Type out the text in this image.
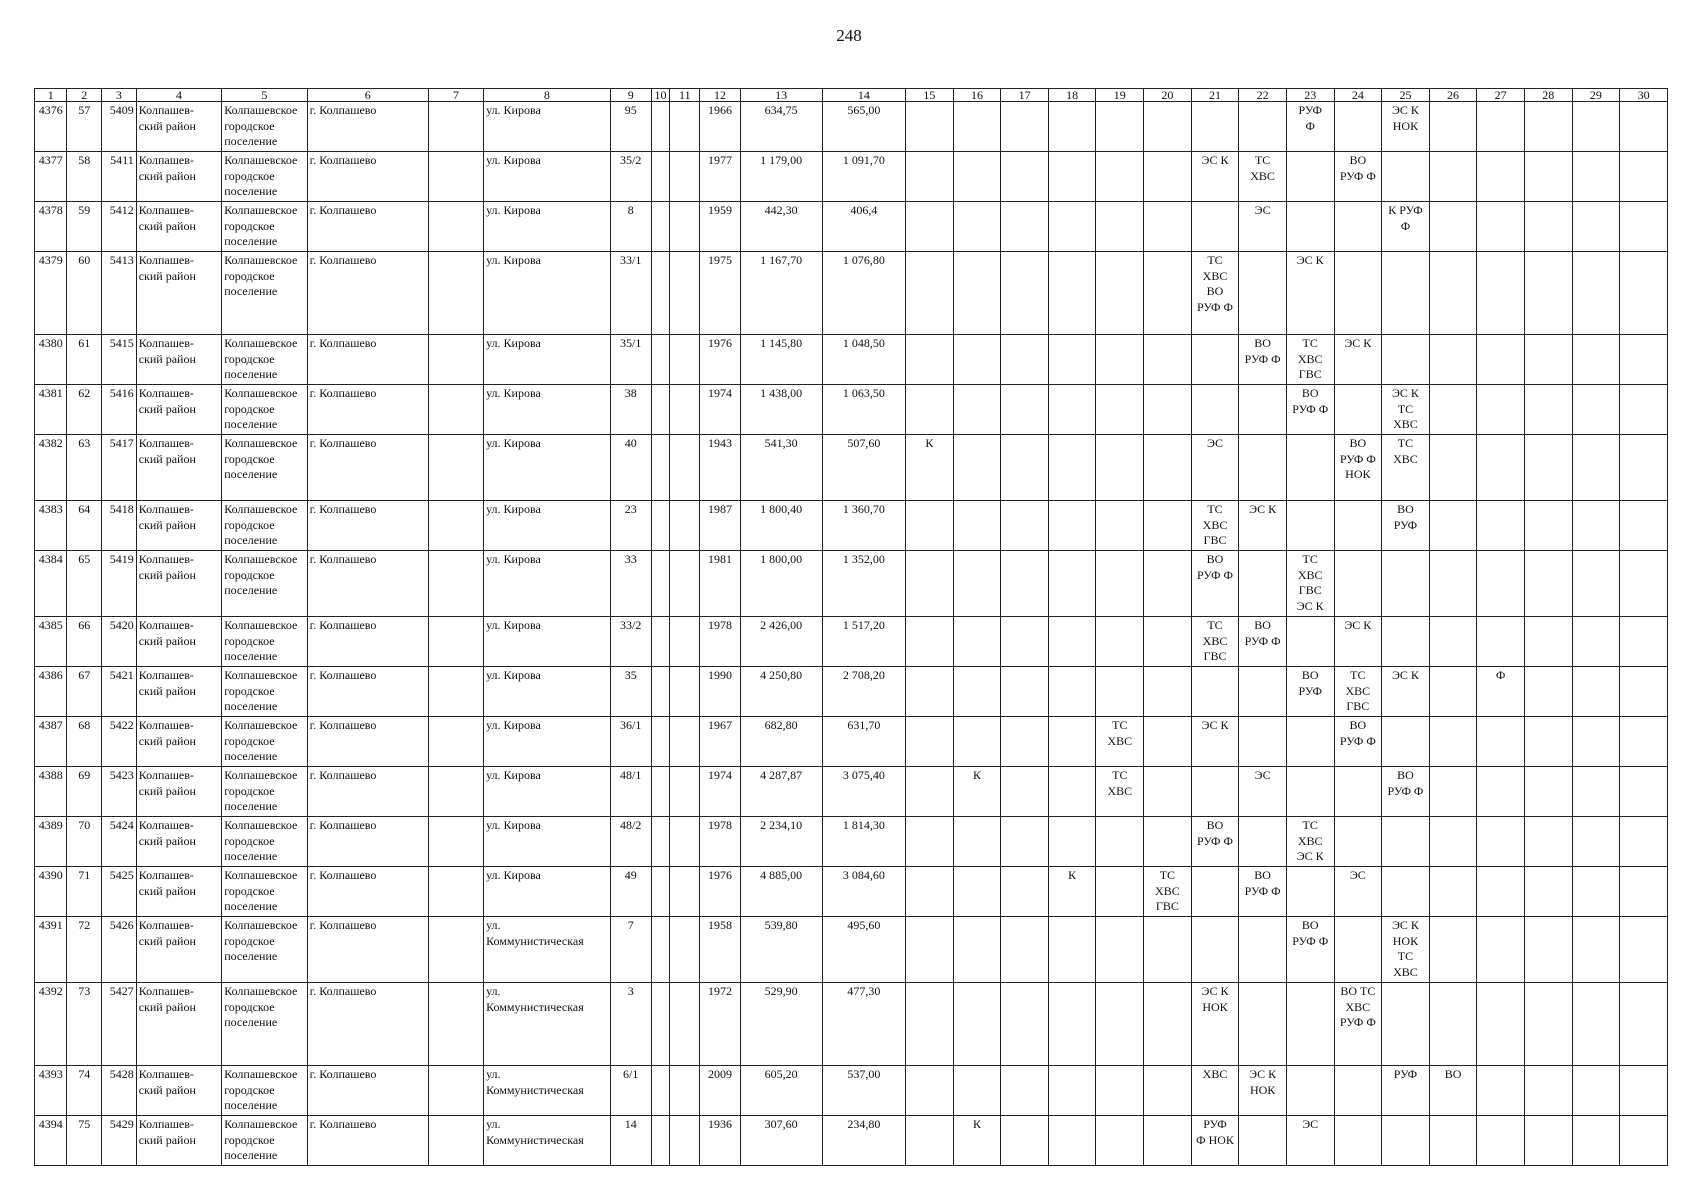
248
1	2	3	4	5	6	7	8	9	10	11	12	13	14	15	16	17	18	19	20	21	22	23	24	25	26	27	28	29	30
4376	57	5409	Колпашев-
ский район	Колпашевское
городское
поселение	г. Колпашево		ул. Кирова	95			1966	634,75	565,00									РУФ
Ф		ЭС К
НОК					
4377	58	5411	Колпашев-
ский район	Колпашевское
городское
поселение	г. Колпашево		ул. Кирова	35/2			1977	1 179,00	1 091,70							ЭС К	ТС
ХВС		ВО
РУФ Ф						
4378	59	5412	Колпашев-
ский район	Колпашевское
городское
поселение	г. Колпашево		ул. Кирова	8			1959	442,30	406,4								ЭС			К РУФ
Ф					
4379	60	5413	Колпашев-
ский район	Колпашевское
городское
поселение	г. Колпашево		ул. Кирова	33/1			1975	1 167,70	1 076,80							ТС
ХВС
ВО
РУФ Ф		ЭС К							
4380	61	5415	Колпашев-
ский район	Колпашевское
городское
поселение	г. Колпашево		ул. Кирова	35/1			1976	1 145,80	1 048,50								ВО
РУФ Ф	ТС
ХВС
ГВС	ЭС К						
4381	62	5416	Колпашев-
ский район	Колпашевское
городское
поселение	г. Колпашево		ул. Кирова	38			1974	1 438,00	1 063,50									ВО
РУФ Ф		ЭС К
ТС
ХВС					
4382	63	5417	Колпашев-
ский район	Колпашевское
городское
поселение	г. Колпашево		ул. Кирова	40			1943	541,30	507,60	К						ЭС			ВО
РУФ Ф
НОК	ТС
ХВС					
4383	64	5418	Колпашев-
ский район	Колпашевское
городское
поселение	г. Колпашево		ул. Кирова	23			1987	1 800,40	1 360,70							ТС
ХВС
ГВС	ЭС К			ВО
РУФ					
4384	65	5419	Колпашев-
ский район	Колпашевское
городское
поселение	г. Колпашево		ул. Кирова	33			1981	1 800,00	1 352,00							ВО
РУФ Ф		ТС
ХВС
ГВС
ЭС К							
4385	66	5420	Колпашев-
ский район	Колпашевское
городское
поселение	г. Колпашево		ул. Кирова	33/2			1978	2 426,00	1 517,20							ТС
ХВС
ГВС	ВО
РУФ Ф		ЭС К						
4386	67	5421	Колпашев-
ский район	Колпашевское
городское
поселение	г. Колпашево		ул. Кирова	35			1990	4 250,80	2 708,20									ВО
РУФ	ТС
ХВС
ГВС	ЭС К		Ф			
4387	68	5422	Колпашев-
ский район	Колпашевское
городское
поселение	г. Колпашево		ул. Кирова	36/1			1967	682,80	631,70					ТС
ХВС		ЭС К			ВО
РУФ Ф						
4388	69	5423	Колпашев-
ский район	Колпашевское
городское
поселение	г. Колпашево		ул. Кирова	48/1			1974	4 287,87	3 075,40		К			ТС
ХВС			ЭС			ВО
РУФ Ф					
4389	70	5424	Колпашев-
ский район	Колпашевское
городское
поселение	г. Колпашево		ул. Кирова	48/2			1978	2 234,10	1 814,30							ВО
РУФ Ф		ТС
ХВС
ЭС К							
4390	71	5425	Колпашев-
ский район	Колпашевское
городское
поселение	г. Колпашево		ул. Кирова	49			1976	4 885,00	3 084,60				К		ТС
ХВС
ГВС		ВО
РУФ Ф		ЭС						
4391	72	5426	Колпашев-
ский район	Колпашевское
городское
поселение	г. Колпашево		ул.
Коммунистическая	7			1958	539,80	495,60									ВО
РУФ Ф		ЭС К
НОК
ТС
ХВС					
4392	73	5427	Колпашев-
ский район	Колпашевское
городское
поселение	г. Колпашево		ул.
Коммунистическая	3			1972	529,90	477,30							ЭС К
НОК			ВО ТС
ХВС
РУФ Ф						
4393	74	5428	Колпашев-
ский район	Колпашевское
городское
поселение	г. Колпашево		ул.
Коммунистическая	6/1			2009	605,20	537,00							ХВС	ЭС К
НОК			РУФ	ВО				
4394	75	5429	Колпашев-
ский район	Колпашевское
городское
поселение	г. Колпашево		ул.
Коммунистическая	14			1936	307,60	234,80		К					РУФ
Ф НОК		ЭС							
